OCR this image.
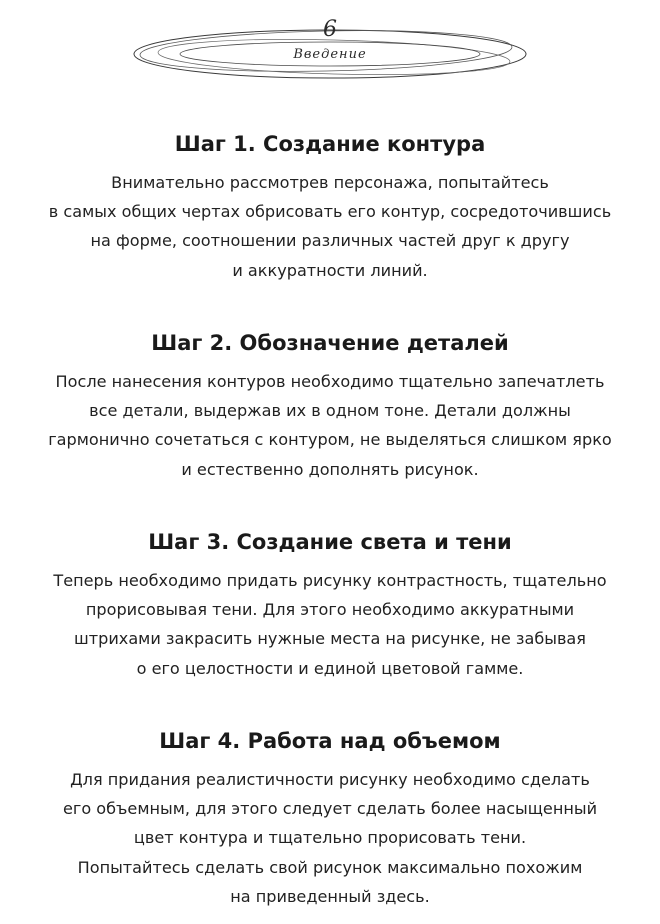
6
Введение
Шаг 1. Создание контура

Внимательно рассмотрев персонажа, попытайтесь
в самых общих чертах обрисовать его контур, сосредоточившись
на форме, соотношении различных частей друг к другу
и аккуратности линий.

Шаг 2. Обозначение деталей

После нанесения контуров необходимо тщательно запечатлеть
все детали, выдержав их в одном тоне. Детали должны
гармонично сочетаться с контуром, не выделяться слишком ярко
и естественно дополнять рисунок.

Шаг 3. Создание света и тени

Теперь необходимо придать рисунку контрастность, тщательно
прорисовывая тени. Для этого необходимо аккуратными
штрихами закрасить нужные места на рисунке, не забывая
о его целостности и единой цветовой гамме.

Шаг 4. Работа над объемом

Для придания реалистичности рисунку необходимо сделать
его объемным, для этого следует сделать более насыщенный
цвет контура и тщательно прорисовать тени.
Попытайтесь сделать свой рисунок максимально похожим
на приведенный здесь.
